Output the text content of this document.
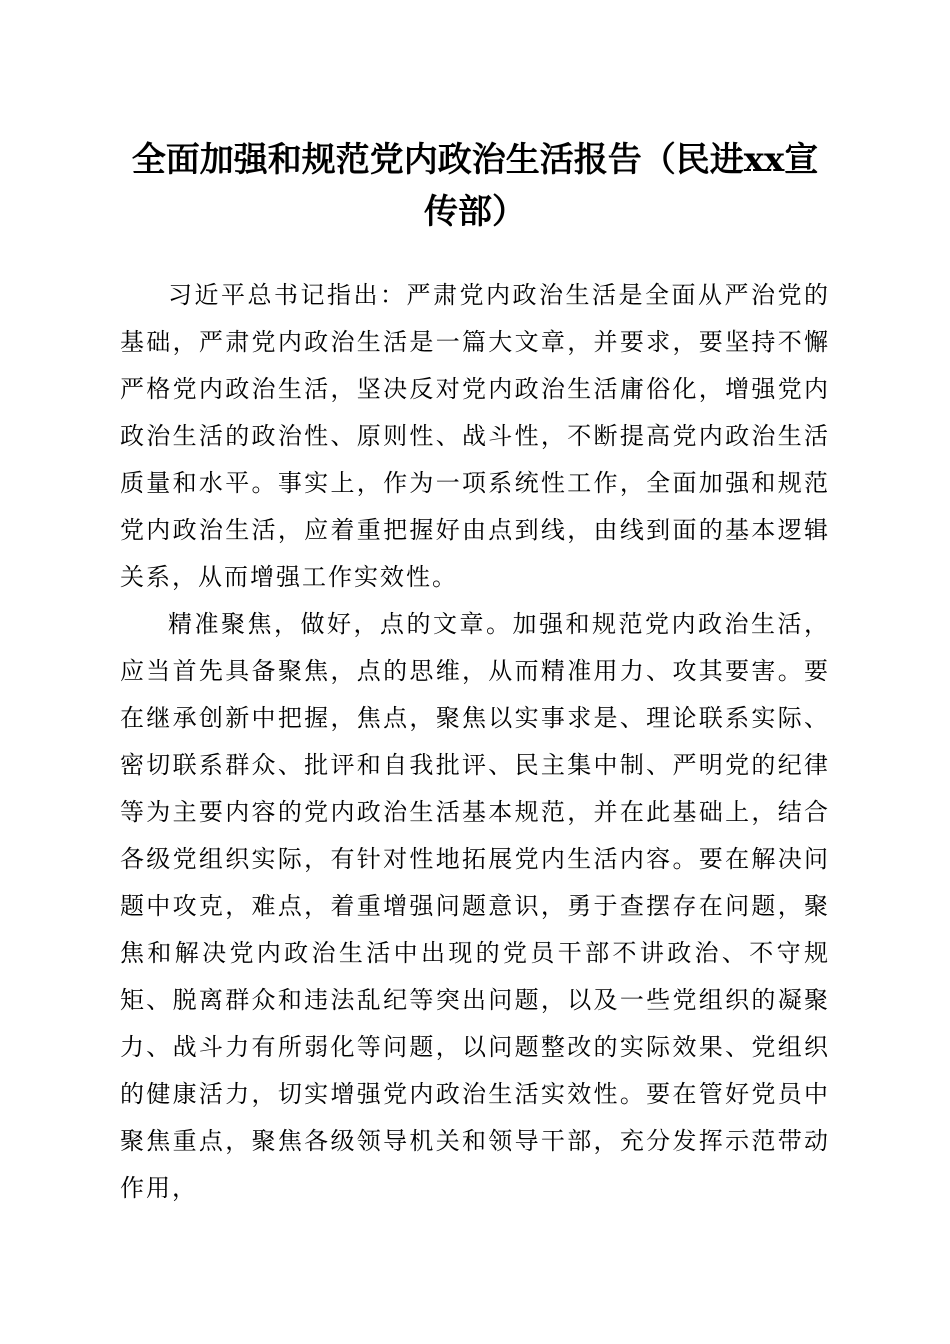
全面加强和规范党内政治生活报告（民进xx宣传部）

习近平总书记指出：严肃党内政治生活是全面从严治党的基础，严肃党内政治生活是一篇大文章，并要求，要坚持不懈严格党内政治生活，坚决反对党内政治生活庸俗化，增强党内政治生活的政治性、原则性、战斗性，不断提高党内政治生活质量和水平。事实上，作为一项系统性工作，全面加强和规范党内政治生活，应着重把握好由点到线，由线到面的基本逻辑关系，从而增强工作实效性。

精准聚焦，做好，点的文章。加强和规范党内政治生活，应当首先具备聚焦，点的思维，从而精准用力、攻其要害。要在继承创新中把握，焦点，聚焦以实事求是、理论联系实际、密切联系群众、批评和自我批评、民主集中制、严明党的纪律等为主要内容的党内政治生活基本规范，并在此基础上，结合各级党组织实际，有针对性地拓展党内生活内容。要在解决问题中攻克，难点，着重增强问题意识，勇于查摆存在问题，聚焦和解决党内政治生活中出现的党员干部不讲政治、不守规矩、脱离群众和违法乱纪等突出问题，以及一些党组织的凝聚力、战斗力有所弱化等问题，以问题整改的实际效果、党组织的健康活力，切实增强党内政治生活实效性。要在管好党员中聚焦重点，聚焦各级领导机关和领导干部，充分发挥示范带动作用，
